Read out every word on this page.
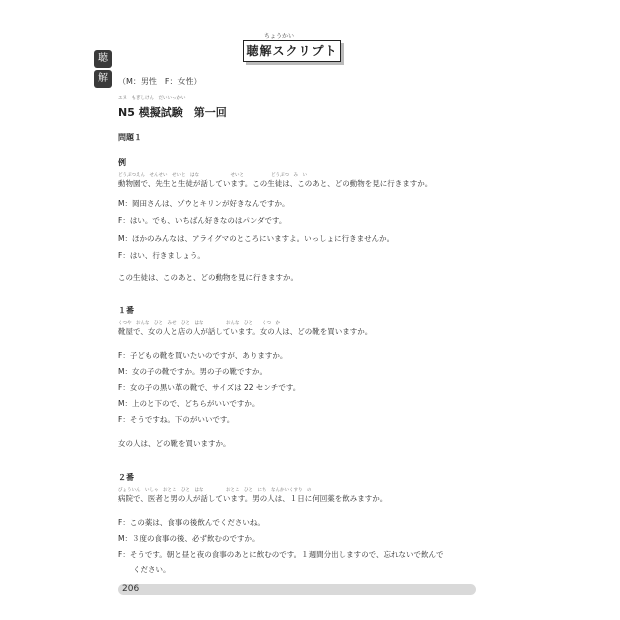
聴
解
ちょうかい
聴解スクリプト
（M：男性　F：女性）
エヌ　もぎしけん　だいいっかい
N5 模擬試験　第一回
問題１
例
どうぶつえん　せんせい　せいと　はな　　　　　　　せいと　　　　　　どうぶつ　み　い
動物園で、先生と生徒が話しています。この生徒は、このあと、どの動物を見に行きますか。
M：岡田さんは、ゾウとキリンが好きなんですか。
F：はい。でも、いちばん好きなのはパンダです。
M：ほかのみんなは、アライグマのところにいますよ。いっしょに行きませんか。
F：はい、行きましょう。
この生徒は、このあと、どの動物を見に行きますか。
１番
くつや　おんな　ひと　みせ　ひと　はな　　　　　おんな　ひと　　くつ　か
靴屋で、女の人と店の人が話しています。女の人は、どの靴を買いますか。
F：子どもの靴を買いたいのですが、ありますか。
M：女の子の靴ですか。男の子の靴ですか。
F：女の子の黒い革の靴で、サイズは 22 センチです。
M：上のと下ので、どちらがいいですか。
F：そうですね。下のがいいです。
女の人は、どの靴を買いますか。
２番
びょういん　いしゃ　おとこ　ひと　はな　　　　　おとこ　ひと　にち　なんかいくすり　の
病院で、医者と男の人が話しています。男の人は、１日に何回薬を飲みますか。
F：この薬は、食事の後飲んでくださいね。
M：３度の食事の後、必ず飲むのですか。
F：そうです。朝と昼と夜の食事のあとに飲むのです。１週間分出しますので、忘れないで飲んで
　　ください。
206
